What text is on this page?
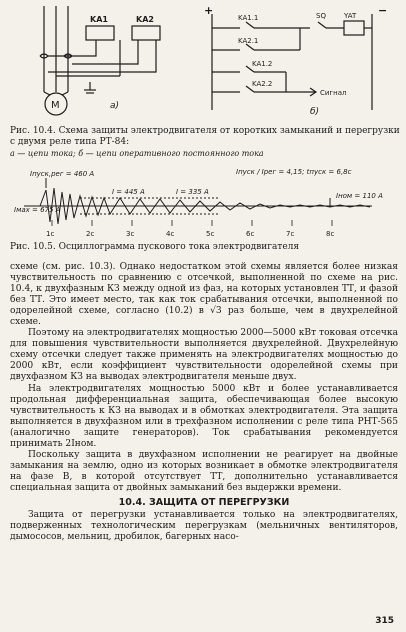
KA1	KA2
M	а)
+	−
KA1.1
KA2.1
KA1.2
KA2.2
SQ	YAT
Сигнал
б)
Рис. 10.4. Схема защиты электродвигателя от коротких замыканий и перегрузки с двумя реле типа РТ-84:
а — цепи тока; б — цепи оперативного постоянного тока
Iпуск,рег = 460 A
Iмах = 675 A
I = 445 A	I = 335 A
Iпуск / Iрег = 4,15; tпуск = 6,8c
Iном = 110 A
1c	2c	3c	4c	5c	6c	7c	8c
Рис. 10.5. Осциллограмма пускового тока электродвигателя

схеме (см. рис. 10.3). Однако недостатком этой схемы является более низкая чувствительность по сравнению с отсечкой, выполненной по схеме на рис. 10.4, к двухфазным КЗ между одной из фаз, на которых установлен ТТ, и фазой без ТТ. Это имеет место, так как ток срабатывания отсечки, выполненной по одорелейной схеме, согласно (10.2) в √3 раз больше, чем в двухрелейной схеме.

Поэтому на электродвигателях мощностью 2000—5000 кВт токовая отсечка для повышения чувствительности выполняется двухрелейной. Двухрелейную схему отсечки следует также применять на электродвигателях мощностью до 2000 кВт, если коэффициент чувствительности одорелейной схемы при двухфазном КЗ на выводах электродвигателя меньше двух.

На электродвигателях мощностью 5000 кВт и более устанавливается продольная дифференциальная защита, обеспечивающая более высокую чувствительность к КЗ на выводах и в обмотках электродвигателя. Эта защита выполняется в двухфазном или в трехфазном исполнении с реле типа РНТ-565 (аналогично защите генераторов). Ток срабатывания рекомендуется принимать 2Iном.

Поскольку защита в двухфазном исполнении не реагирует на двойные замыкания на землю, одно из которых возникает в обмотке электродвигателя на фазе В, в которой отсутствует ТТ, дополнительно устанавливается специальная защита от двойных замыканий без выдержки времени.

10.4. ЗАЩИТА ОТ ПЕРЕГРУЗКИ

Защита от перегрузки устанавливается только на электродвигателях, подверженных технологическим перегрузкам (мельничных вентиляторов, дымососов, мельниц, дробилок, багерных насо-

315
